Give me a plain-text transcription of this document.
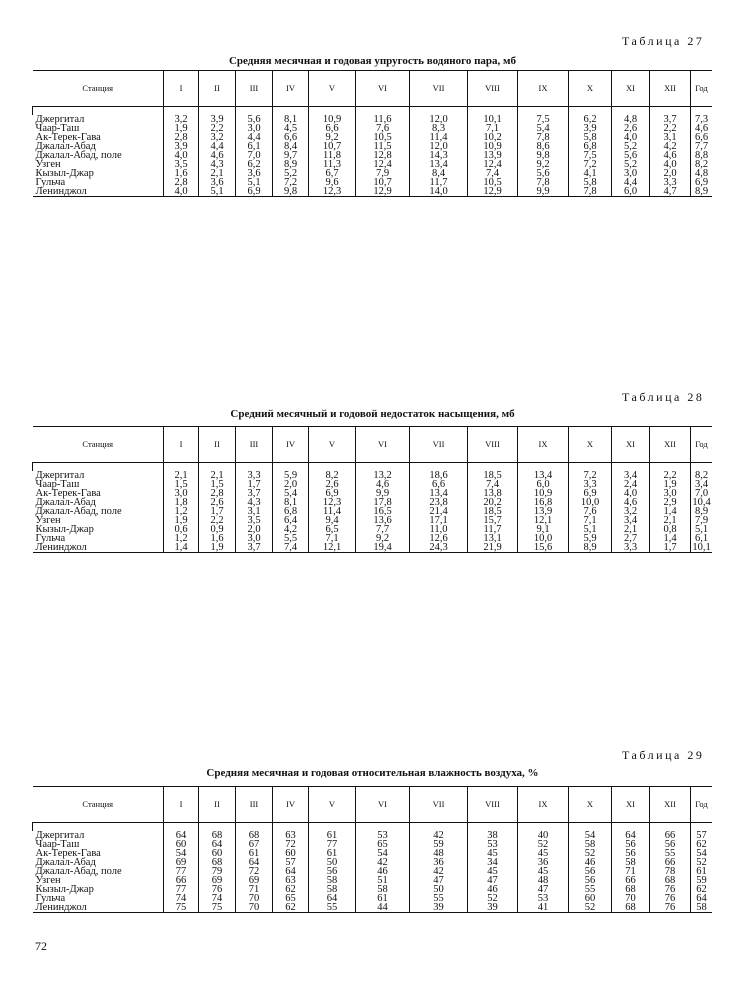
Таблица 27
Средняя месячная и годовая упругость водяного пара, мб
Станция	I	II	III	IV	V	VI	VII	VIII	IX	X	XI	XII	Год

Джергитал	3,2	3,9	5,6	8,1	10,9	11,6	12,0	10,1	7,5	6,2	4,8	3,7	7,3
Чаар-Таш	1,9	2,2	3,0	4,5	6,6	7,6	8,3	7,1	5,4	3,9	2,6	2,2	4,6
Ак-Терек-Гава	2,8	3,2	4,4	6,6	9,2	10,5	11,4	10,2	7,8	5,8	4,0	3,1	6,6
Джалал-Абад	3,9	4,4	6,1	8,4	10,7	11,5	12,0	10,9	8,6	6,8	5,2	4,2	7,7
Джалал-Абад, поле	4,0	4,6	7,0	9,7	11,8	12,8	14,3	13,9	9,8	7,5	5,6	4,6	8,8
Узген	3,5	4,3	6,2	8,9	11,3	12,4	13,4	12,4	9,2	7,2	5,2	4,0	8,2
Кызыл-Джар	1,6	2,1	3,6	5,2	6,7	7,9	8,4	7,4	5,6	4,1	3,0	2,0	4,8
Гульча	2,8	3,6	5,1	7,2	9,6	10,7	11,7	10,5	7,8	5,8	4,4	3,3	6,9
Ленинджол	4,0	5,1	6,9	9,8	12,3	12,9	14,0	12,9	9,9	7,8	6,0	4,7	8,9
Таблица 28
Средний месячный и годовой недостаток насыщения, мб
Станция	I	II	III	IV	V	VI	VII	VIII	IX	X	XI	XII	Год

Джергитал	2,1	2,1	3,3	5,9	8,2	13,2	18,6	18,5	13,4	7,2	3,4	2,2	8,2
Чаар-Таш	1,5	1,5	1,7	2,0	2,6	4,6	6,6	7,4	6,0	3,3	2,4	1,9	3,4
Ак-Терек-Гава	3,0	2,8	3,7	5,4	6,9	9,9	13,4	13,8	10,9	6,9	4,0	3,0	7,0
Джалал-Абад	1,8	2,6	4,3	8,1	12,3	17,8	23,8	20,2	16,8	10,0	4,6	2,9	10,4
Джалал-Абад, поле	1,2	1,7	3,1	6,8	11,4	16,5	21,4	18,5	13,9	7,6	3,2	1,4	8,9
Узген	1,9	2,2	3,5	6,4	9,4	13,6	17,1	15,7	12,1	7,1	3,4	2,1	7,9
Кызыл-Джар	0,6	0,9	2,0	4,2	6,5	7,7	11,0	11,7	9,1	5,1	2,1	0,8	5,1
Гульча	1,2	1,6	3,0	5,5	7,1	9,2	12,6	13,1	10,0	5,9	2,7	1,4	6,1
Ленинджол	1,4	1,9	3,7	7,4	12,1	19,4	24,3	21,9	15,6	8,9	3,3	1,7	10,1
Таблица 29
Средняя месячная и годовая относительная влажность воздуха, %
Станция	I	II	III	IV	V	VI	VII	VIII	IX	X	XI	XII	Год

Джергитал	64	68	68	63	61	53	42	38	40	54	64	66	57
Чаар-Таш	60	64	67	72	77	65	59	53	52	58	56	56	62
Ак-Терек-Гава	54	60	61	60	61	54	48	45	45	52	56	55	54
Джалал-Абад	69	68	64	57	50	42	36	34	36	46	58	66	52
Джалал-Абад, поле	77	79	72	64	56	46	42	45	45	56	71	78	61
Узген	66	69	69	63	58	51	47	47	48	56	66	68	59
Кызыл-Джар	77	76	71	62	58	58	50	46	47	55	68	76	62
Гульча	74	74	70	65	64	61	55	52	53	60	70	76	64
Ленинджол	75	75	70	62	55	44	39	39	41	52	68	76	58
72
